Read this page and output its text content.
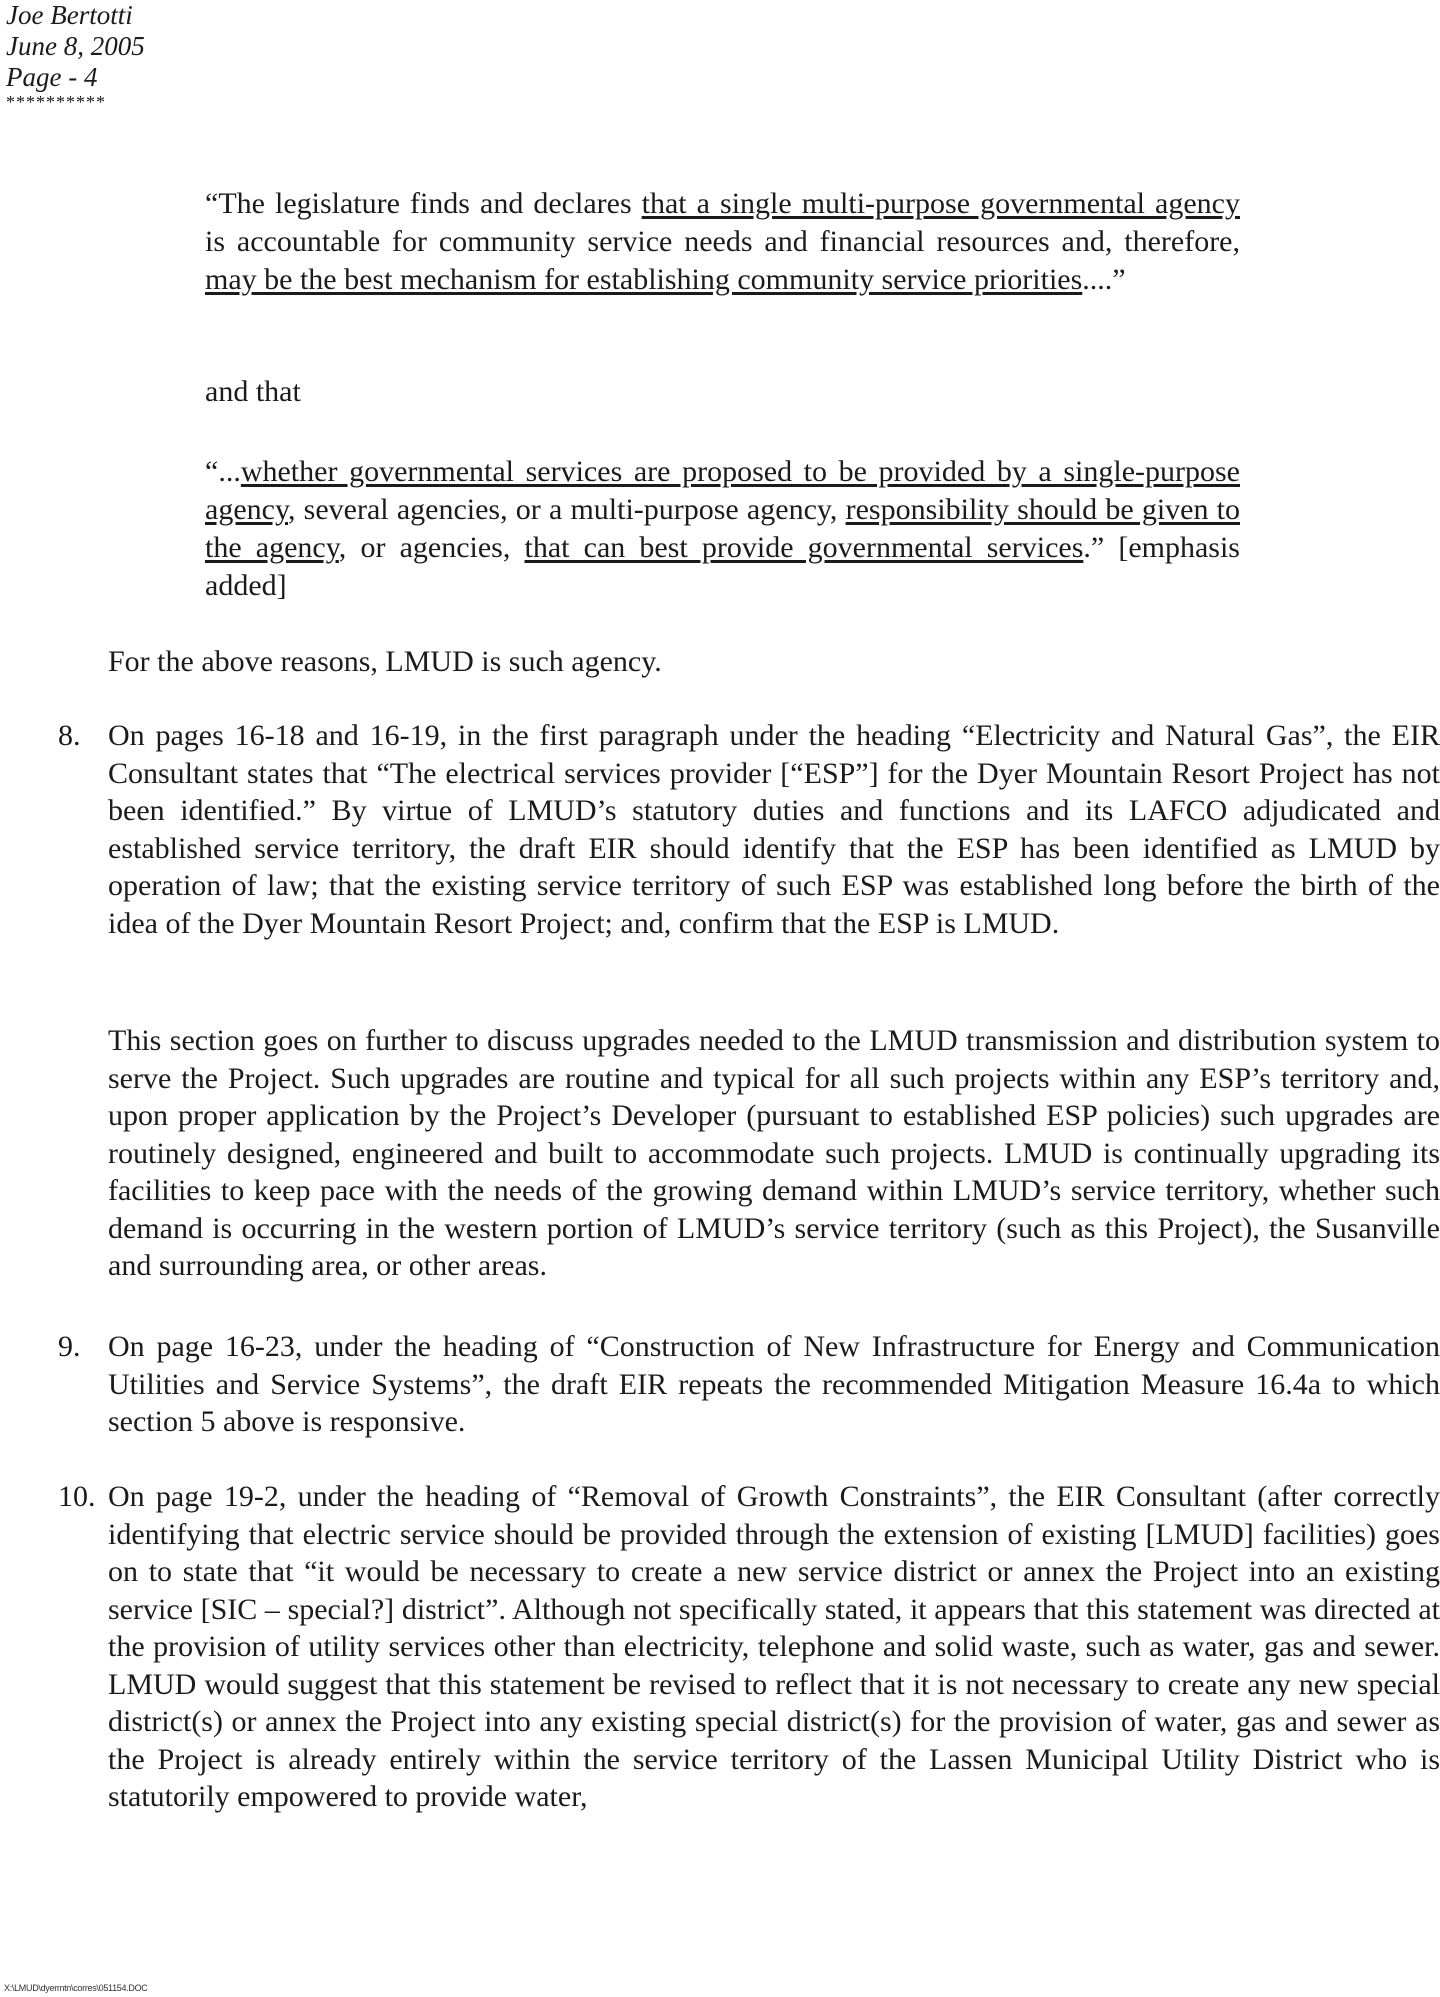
Joe Bertotti
June 8, 2005
Page - 4
**********
“The legislature finds and declares that a single multi-purpose governmental agency is accountable for community service needs and financial resources and, therefore, may be the best mechanism for establishing community service priorities....”
and that
“...whether governmental services are proposed to be provided by a single-purpose agency, several agencies, or a multi-purpose agency, responsibility should be given to the agency, or agencies, that can best provide governmental services.” [emphasis added]
For the above reasons, LMUD is such agency.
8. On pages 16-18 and 16-19, in the first paragraph under the heading “Electricity and Natural Gas”, the EIR Consultant states that “The electrical services provider [“ESP”] for the Dyer Mountain Resort Project has not been identified.” By virtue of LMUD’s statutory duties and functions and its LAFCO adjudicated and established service territory, the draft EIR should identify that the ESP has been identified as LMUD by operation of law; that the existing service territory of such ESP was established long before the birth of the idea of the Dyer Mountain Resort Project; and, confirm that the ESP is LMUD.
This section goes on further to discuss upgrades needed to the LMUD transmission and distribution system to serve the Project. Such upgrades are routine and typical for all such projects within any ESP’s territory and, upon proper application by the Project’s Developer (pursuant to established ESP policies) such upgrades are routinely designed, engineered and built to accommodate such projects. LMUD is continually upgrading its facilities to keep pace with the needs of the growing demand within LMUD’s service territory, whether such demand is occurring in the western portion of LMUD’s service territory (such as this Project), the Susanville and surrounding area, or other areas.
9. On page 16-23, under the heading of “Construction of New Infrastructure for Energy and Communication Utilities and Service Systems”, the draft EIR repeats the recommended Mitigation Measure 16.4a to which section 5 above is responsive.
10. On page 19-2, under the heading of “Removal of Growth Constraints”, the EIR Consultant (after correctly identifying that electric service should be provided through the extension of existing [LMUD] facilities) goes on to state that “it would be necessary to create a new service district or annex the Project into an existing service [SIC – special?] district”. Although not specifically stated, it appears that this statement was directed at the provision of utility services other than electricity, telephone and solid waste, such as water, gas and sewer. LMUD would suggest that this statement be revised to reflect that it is not necessary to create any new special district(s) or annex the Project into any existing special district(s) for the provision of water, gas and sewer as the Project is already entirely within the service territory of the Lassen Municipal Utility District who is statutorily empowered to provide water,
X:\LMUD\dyermtn\corres\051154.DOC
